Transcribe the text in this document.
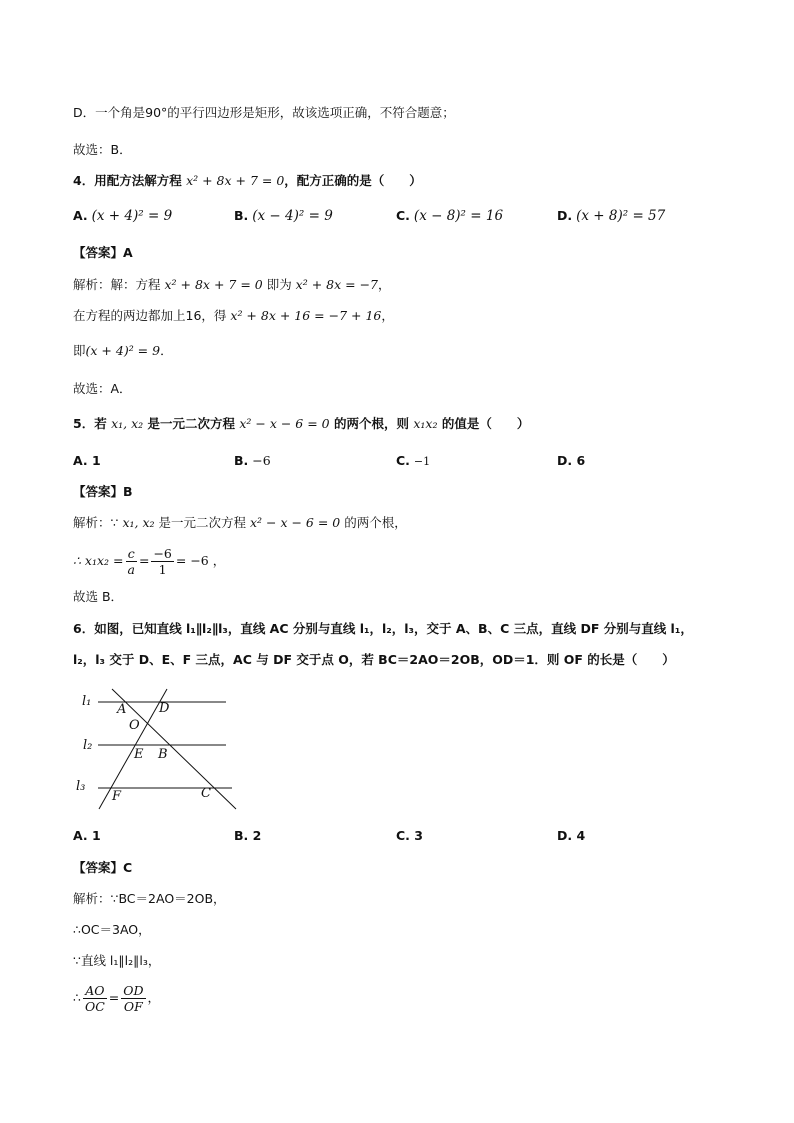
D．一个角是90°的平行四边形是矩形，故该选项正确，不符合题意；
故选：B．
4．用配方法解方程 x² + 8x + 7 = 0，配方正确的是（　　）
A. (x + 4)² = 9	B. (x − 4)² = 9	C. (x − 8)² = 16	D. (x + 8)² = 57
【答案】A
解析：解：方程 x² + 8x + 7 = 0 即为 x² + 8x = −7，
在方程的两边都加上16，得 x² + 8x + 16 = −7 + 16，
即(x + 4)² = 9．
故选：A．
5．若 x₁, x₂ 是一元二次方程 x² − x − 6 = 0 的两个根，则 x₁x₂ 的值是（　　）
A. 1	B. −6	C. −1	D. 6
【答案】B
解析：∵ x₁, x₂ 是一元二次方程 x² − x − 6 = 0 的两个根，
∴ $x_1x_2 = \frac{c}{a} = \frac{-6}{1} = -6$ ，
故选 B．
6．如图，已知直线 l₁∥l₂∥l₃，直线 AC 分别与直线 l₁，l₂，l₃，交于 A、B、C 三点，直线 DF 分别与直线 l₁，
l₂，l₃ 交于 D、E、F 三点，AC 与 DF 交于点 O，若 BC＝2AO＝2OB，OD＝1．则 OF 的长是（　　）
l₁
l₂
l₃
A	D
O
E B
F	C
A. 1	B. 2	C. 3	D. 4
【答案】C
解析：∵BC＝2AO＝2OB，
∴OC＝3AO，
∵直线 l₁∥l₂∥l₃，
∴ $\frac{AO}{OC} = \frac{OD}{OF}$ ，
